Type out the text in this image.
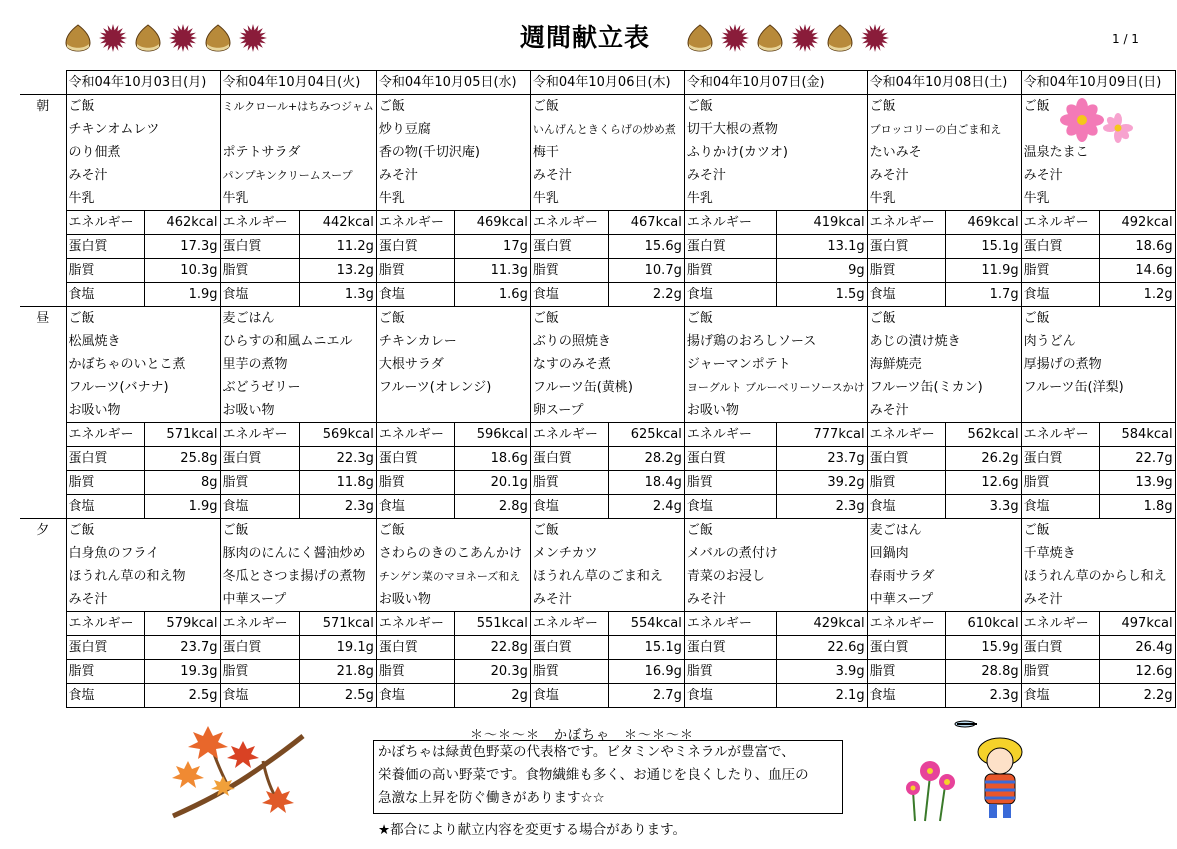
週間献立表	1 / 1
	令和04年10月03日(月)		令和04年10月04日(火)		令和04年10月05日(水)		令和04年10月06日(木)		令和04年10月07日(金)		令和04年10月08日(土)		令和04年10月09日(日)	
朝	ご飯		ミルクロール+はちみつジャム		ご飯		ご飯		ご飯		ご飯		ご飯	
	チキンオムレツ				炒り豆腐		いんげんときくらげの炒め煮		切干大根の煮物		ブロッコリーの白ごま和え			
	のり佃煮		ポテトサラダ		香の物(千切沢庵)		梅干		ふりかけ(カツオ)		たいみそ		温泉たまこ	
	みそ汁		パンプキンクリームスープ		みそ汁		みそ汁		みそ汁		みそ汁		みそ汁	
	牛乳		牛乳		牛乳		牛乳		牛乳		牛乳		牛乳	
	エネルギー	462kcal	エネルギー	442kcal	エネルギー	469kcal	エネルギー	467kcal	エネルギー	419kcal	エネルギー	469kcal	エネルギー	492kcal
	蛋白質	17.3g	蛋白質	11.2g	蛋白質	17g	蛋白質	15.6g	蛋白質	13.1g	蛋白質	15.1g	蛋白質	18.6g
	脂質	10.3g	脂質	13.2g	脂質	11.3g	脂質	10.7g	脂質	9g	脂質	11.9g	脂質	14.6g
	食塩	1.9g	食塩	1.3g	食塩	1.6g	食塩	2.2g	食塩	1.5g	食塩	1.7g	食塩	1.2g
昼	ご飯		麦ごはん		ご飯		ご飯		ご飯		ご飯		ご飯	
	松風焼き		ひらすの和風ムニエル		チキンカレー		ぶりの照焼き		揚げ鶏のおろしソース		あじの漬け焼き		肉うどん	
	かぼちゃのいとこ煮		里芋の煮物		大根サラダ		なすのみそ煮		ジャーマンポテト		海鮮焼売		厚揚げの煮物	
	フルーツ(バナナ)		ぶどうゼリー		フルーツ(オレンジ)		フルーツ缶(黄桃)		ヨーグルト ブルーベリーソースかけ		フルーツ缶(ミカン)		フルーツ缶(洋梨)	
	お吸い物		お吸い物				卵スープ		お吸い物		みそ汁			
	エネルギー	571kcal	エネルギー	569kcal	エネルギー	596kcal	エネルギー	625kcal	エネルギー	777kcal	エネルギー	562kcal	エネルギー	584kcal
	蛋白質	25.8g	蛋白質	22.3g	蛋白質	18.6g	蛋白質	28.2g	蛋白質	23.7g	蛋白質	26.2g	蛋白質	22.7g
	脂質	8g	脂質	11.8g	脂質	20.1g	脂質	18.4g	脂質	39.2g	脂質	12.6g	脂質	13.9g
	食塩	1.9g	食塩	2.3g	食塩	2.8g	食塩	2.4g	食塩	2.3g	食塩	3.3g	食塩	1.8g
夕	ご飯		ご飯		ご飯		ご飯		ご飯		麦ごはん		ご飯	
	白身魚のフライ		豚肉のにんにく醤油炒め		さわらのきのこあんかけ		メンチカツ		メバルの煮付け		回鍋肉		千草焼き	
	ほうれん草の和え物		冬瓜とさつま揚げの煮物		チンゲン菜のマヨネーズ和え		ほうれん草のごま和え		青菜のお浸し		春雨サラダ		ほうれん草のからし和え	
	みそ汁		中華スープ		お吸い物		みそ汁		みそ汁		中華スープ		みそ汁	
	エネルギー	579kcal	エネルギー	571kcal	エネルギー	551kcal	エネルギー	554kcal	エネルギー	429kcal	エネルギー	610kcal	エネルギー	497kcal
	蛋白質	23.7g	蛋白質	19.1g	蛋白質	22.8g	蛋白質	15.1g	蛋白質	22.6g	蛋白質	15.9g	蛋白質	26.4g
	脂質	19.3g	脂質	21.8g	脂質	20.3g	脂質	16.9g	脂質	3.9g	脂質	28.8g	脂質	12.6g
	食塩	2.5g	食塩	2.5g	食塩	2g	食塩	2.7g	食塩	2.1g	食塩	2.3g	食塩	2.2g
＊～＊～＊　かぼちゃ　＊～＊～＊
かぼちゃは緑黄色野菜の代表格です。ビタミンやミネラルが豊富で、
栄養価の高い野菜です。食物繊維も多く、お通じを良くしたり、血圧の
急激な上昇を防ぐ働きがあります☆☆
★都合により献立内容を変更する場合があります。
